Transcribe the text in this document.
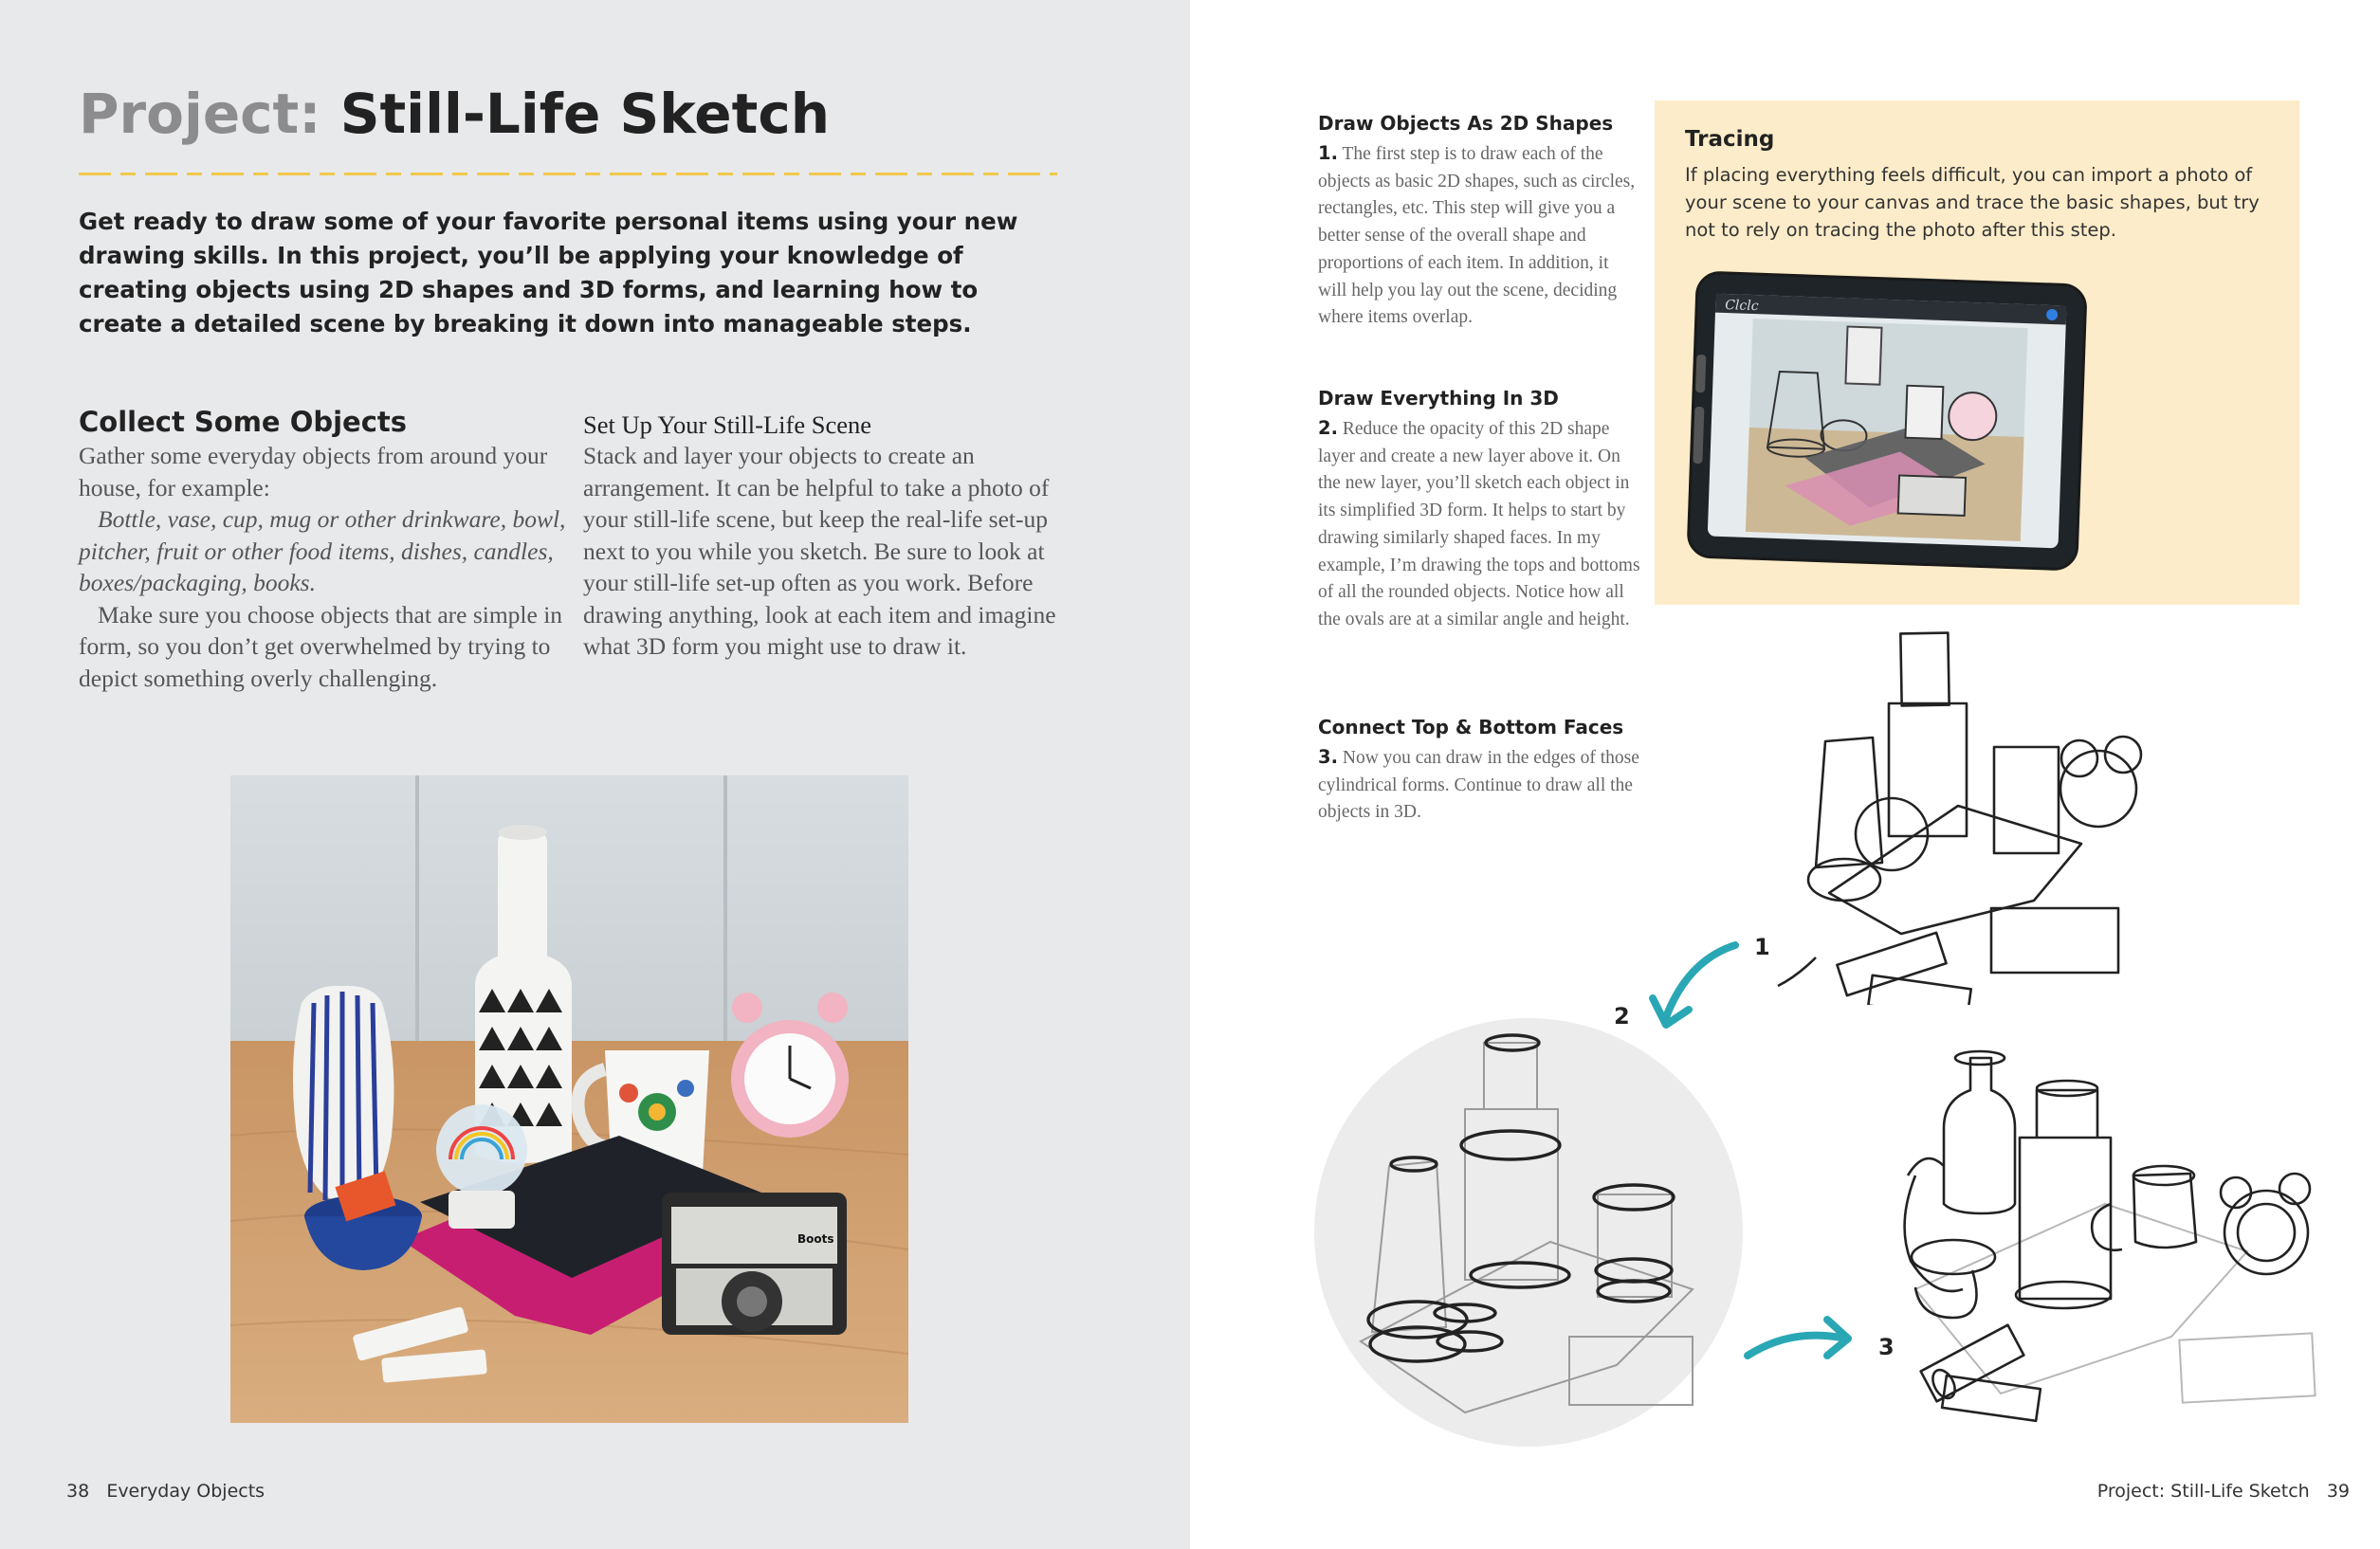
Project: Still-Life Sketch

Get ready to draw some of your favorite personal items using your new drawing skills. In this project, you’ll be applying your knowledge of creating objects using 2D shapes and 3D forms, and learning how to create a detailed scene by breaking it down into manageable steps.

Collect Some Objects
Gather some everyday objects from around your house, for example:
Bottle, vase, cup, mug or other drinkware, bowl, pitcher, fruit or other food items, dishes, candles, boxes/packaging, books.
Make sure you choose objects that are simple in form, so you don’t get overwhelmed by trying to depict something overly challenging.
Set Up Your Still-Life Scene
Stack and layer your objects to create an arrangement. It can be helpful to take a photo of your still-life scene, but keep the real-life set-up next to you while you sketch. Be sure to look at your still-life set-up often as you work. Before drawing anything, look at each item and imagine what 3D form you might use to draw it.
Boots
38 Everyday Objects
Draw Objects As 2D Shapes

1. The first step is to draw each of the objects as basic 2D shapes, such as circles, rectangles, etc. This step will give you a better sense of the overall shape and proportions of each item. In addition, it will help you lay out the scene, deciding where items overlap.

Draw Everything In 3D

2. Reduce the opacity of this 2D shape layer and create a new layer above it. On the new layer, you’ll sketch each object in its simplified 3D form. It helps to start by drawing similarly shaped faces. In my example, I’m drawing the tops and bottoms of all the rounded objects. Notice how all the ovals are at a similar angle and height.

Connect Top & Bottom Faces

3. Now you can draw in the edges of those cylindrical forms. Continue to draw all the objects in 3D.

Tracing

If placing everything feels difficult, you can import a photo of your scene to your canvas and trace the basic shapes, but try not to rely on tracing the photo after this step.

Clclc
1
2
3
Project: Still-Life Sketch 39
